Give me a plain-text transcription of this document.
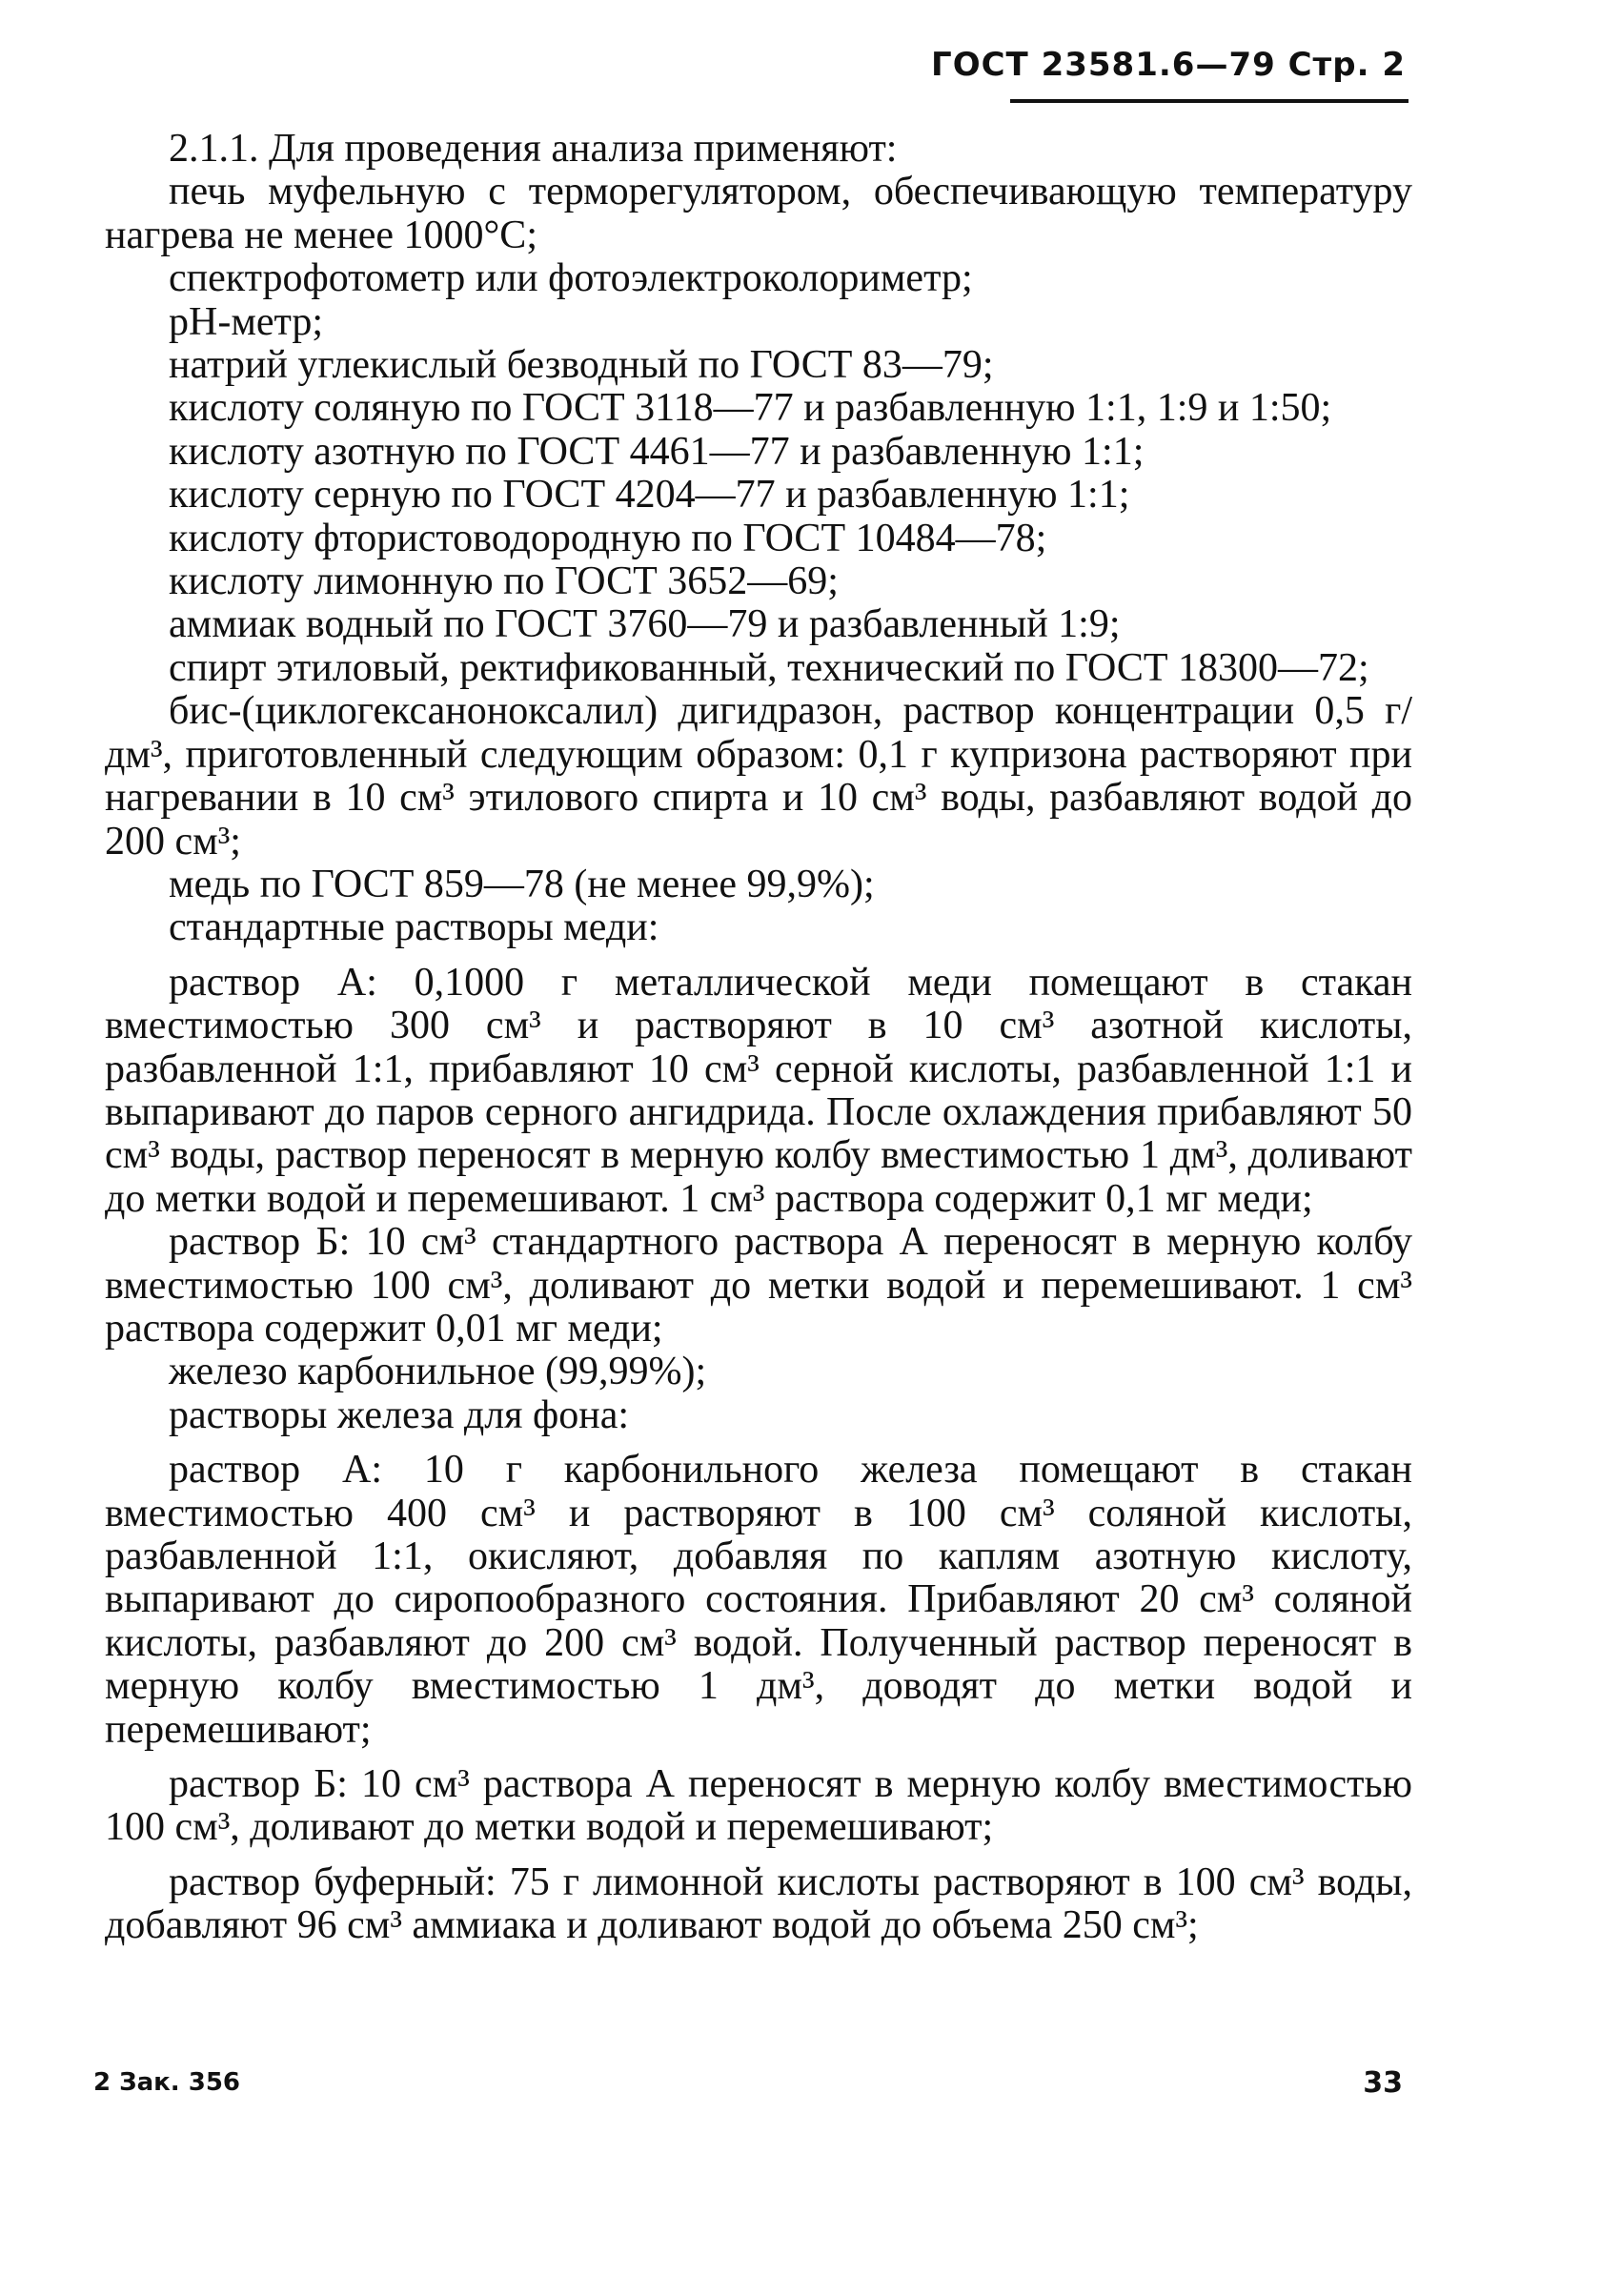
ГОСТ 23581.6—79 Стр. 2

2.1.1. Для проведения анализа применяют:

печь муфельную с терморегулятором, обеспечивающую температуру нагрева не менее 1000°С;

спектрофотометр или фотоэлектроколориметр;

рН-метр;

натрий углекислый безводный по ГОСТ 83—79;

кислоту соляную по ГОСТ 3118—77 и разбавленную 1:1, 1:9 и 1:50;

кислоту азотную по ГОСТ 4461—77 и разбавленную 1:1;

кислоту серную по ГОСТ 4204—77 и разбавленную 1:1;

кислоту фтористоводородную по ГОСТ 10484—78;

кислоту лимонную по ГОСТ 3652—69;

аммиак водный по ГОСТ 3760—79 и разбавленный 1:9;

спирт этиловый, ректификованный, технический по ГОСТ 18300—72;

бис-(циклогексаноноксалил) дигидразон, раствор концентрации 0,5 г/дм³, приготовленный следующим образом: 0,1 г купризона растворяют при нагревании в 10 см³ этилового спирта и 10 см³ воды, разбавляют водой до 200 см³;

медь по ГОСТ 859—78 (не менее 99,9%);

стандартные растворы меди:

раствор А: 0,1000 г металлической меди помещают в стакан вместимостью 300 см³ и растворяют в 10 см³ азотной кислоты, разбавленной 1:1, прибавляют 10 см³ серной кислоты, разбавленной 1:1 и выпаривают до паров серного ангидрида. После охлаждения прибавляют 50 см³ воды, раствор переносят в мерную колбу вместимостью 1 дм³, доливают до метки водой и перемешивают. 1 см³ раствора содержит 0,1 мг меди;

раствор Б: 10 см³ стандартного раствора А переносят в мерную колбу вместимостью 100 см³, доливают до метки водой и перемешивают. 1 см³ раствора содержит 0,01 мг меди;

железо карбонильное (99,99%);

растворы железа для фона:

раствор А: 10 г карбонильного железа помещают в стакан вместимостью 400 см³ и растворяют в 100 см³ соляной кислоты, разбавленной 1:1, окисляют, добавляя по каплям азотную кислоту, выпаривают до сиропообразного состояния. Прибавляют 20 см³ соляной кислоты, разбавляют до 200 см³ водой. Полученный раствор переносят в мерную колбу вместимостью 1 дм³, доводят до метки водой и перемешивают;

раствор Б: 10 см³ раствора А переносят в мерную колбу вместимостью 100 см³, доливают до метки водой и перемешивают;

раствор буферный: 75 г лимонной кислоты растворяют в 100 см³ воды, добавляют 96 см³ аммиака и доливают водой до объема 250 см³;

2 Зак. 356	33
